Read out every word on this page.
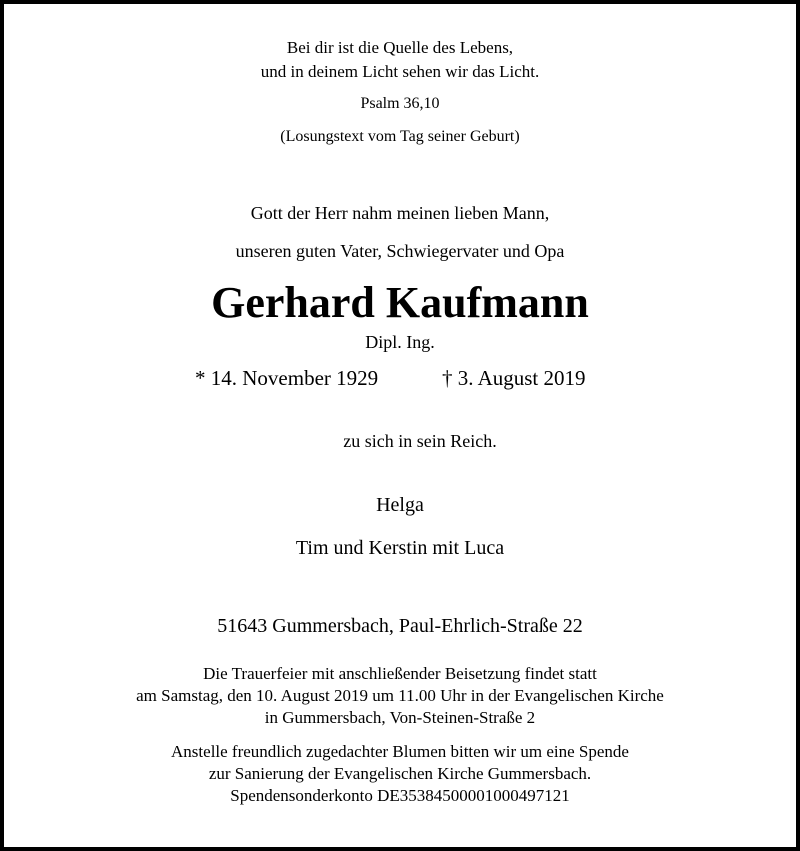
Bei dir ist die Quelle des Lebens,
und in deinem Licht sehen wir das Licht.
Psalm 36,10
(Losungstext vom Tag seiner Geburt)
Gott der Herr nahm meinen lieben Mann,
unseren guten Vater, Schwiegervater und Opa
Gerhard Kaufmann
Dipl. Ing.
* 14. November 1929	† 3. August 2019
zu sich in sein Reich.
Helga
Tim und Kerstin mit Luca
51643 Gummersbach, Paul-Ehrlich-Straße 22
Die Trauerfeier mit anschließender Beisetzung findet statt
am Samstag, den 10. August 2019 um 11.00 Uhr in der Evangelischen Kirche
in Gummersbach, Von-Steinen-Straße 2
Anstelle freundlich zugedachter Blumen bitten wir um eine Spende
zur Sanierung der Evangelischen Kirche Gummersbach.
Spendensonderkonto DE35384500001000497121
